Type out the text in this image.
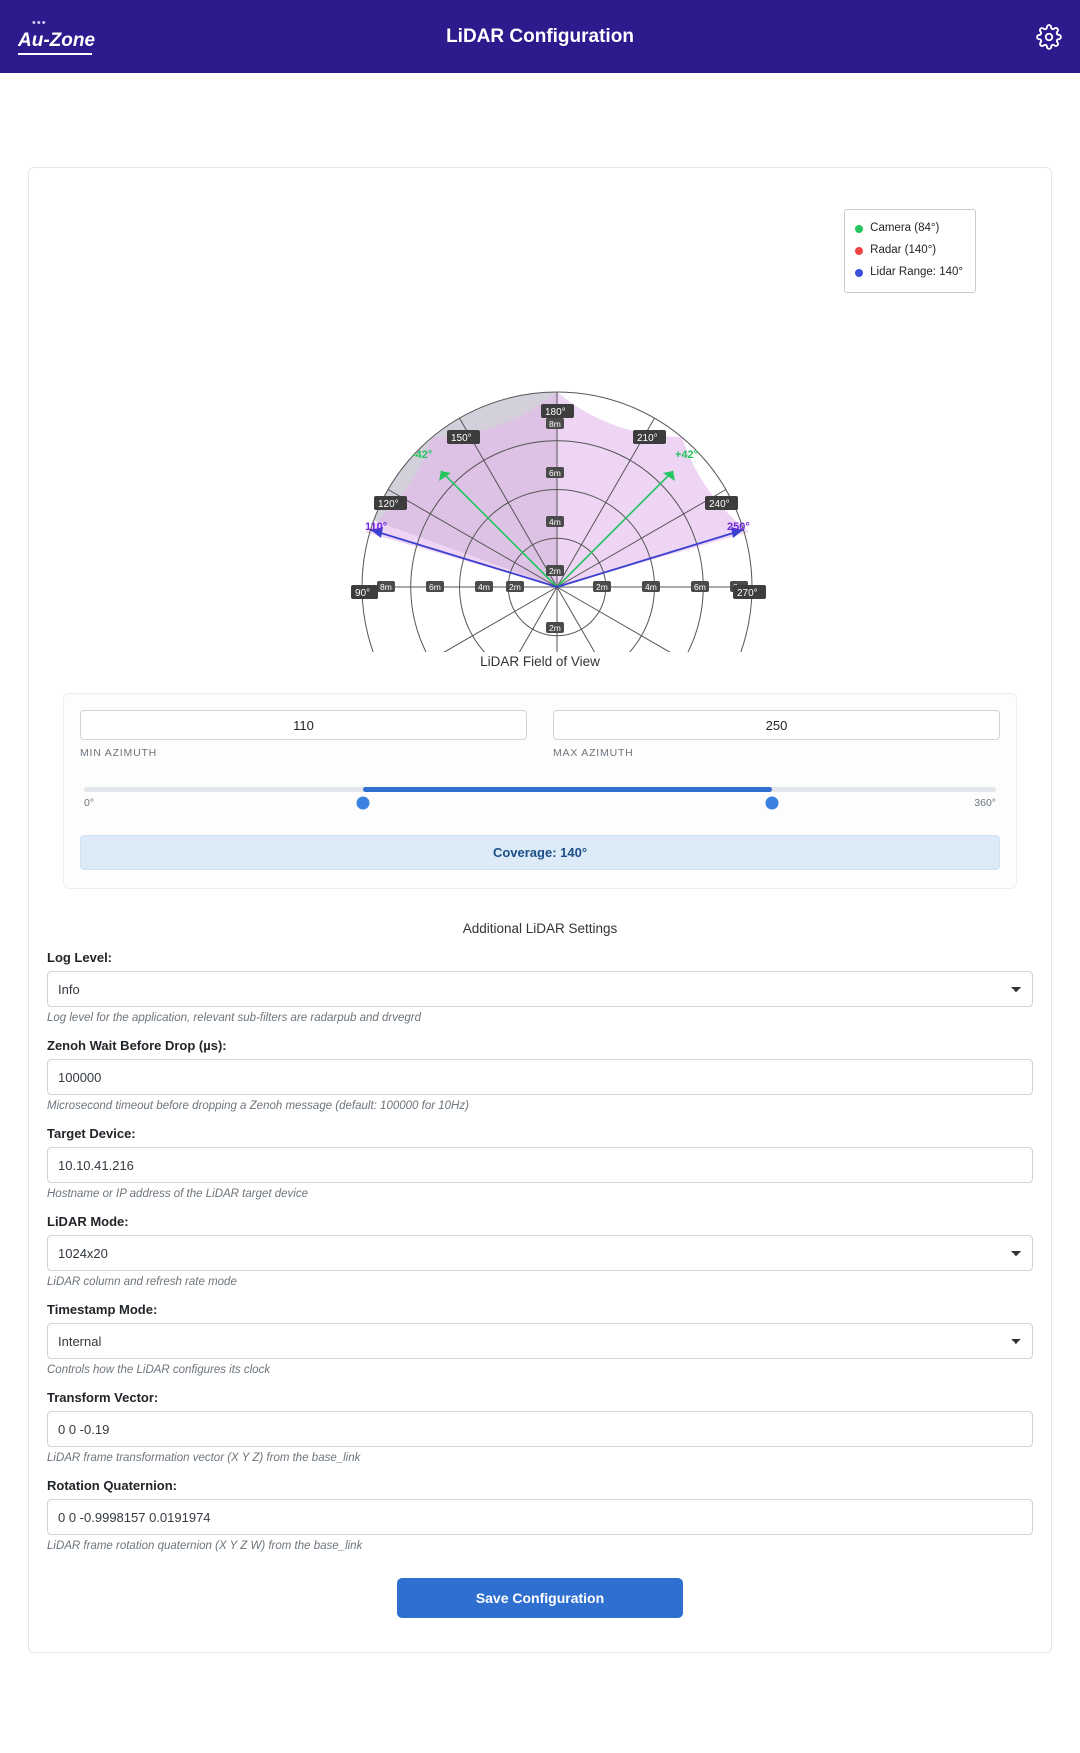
•••
Au-Zone	LiDAR Configuration
8m
6m
4m
2m
2m
8m	6m	4m 2m	2m	4m	6m
180°
210°
240°
270°
90°
120°
150°
-42°	+42°
110°	250°
Camera (84°)
Radar (140°)
Lidar Range: 140°
LiDAR Field of View
110
MIN AZIMUTH
250	MAX AZIMUTH
0°	360°
Coverage: 140°
Additional LiDAR Settings
Log Level:
Info
Log level for the application, relevant sub-filters are radarpub and drvegrd
Zenoh Wait Before Drop (µs):
100000
Microsecond timeout before dropping a Zenoh message (default: 100000 for 10Hz)
Target Device:
10.10.41.216
Hostname or IP address of the LiDAR target device
LiDAR Mode:
1024x20
LiDAR column and refresh rate mode
Timestamp Mode:
Internal
Controls how the LiDAR configures its clock
Transform Vector:
0 0 -0.19
LiDAR frame transformation vector (X Y Z) from the base_link
Rotation Quaternion:
0 0 -0.9998157 0.0191974
LiDAR frame rotation quaternion (X Y Z W) from the base_link
Save Configuration
